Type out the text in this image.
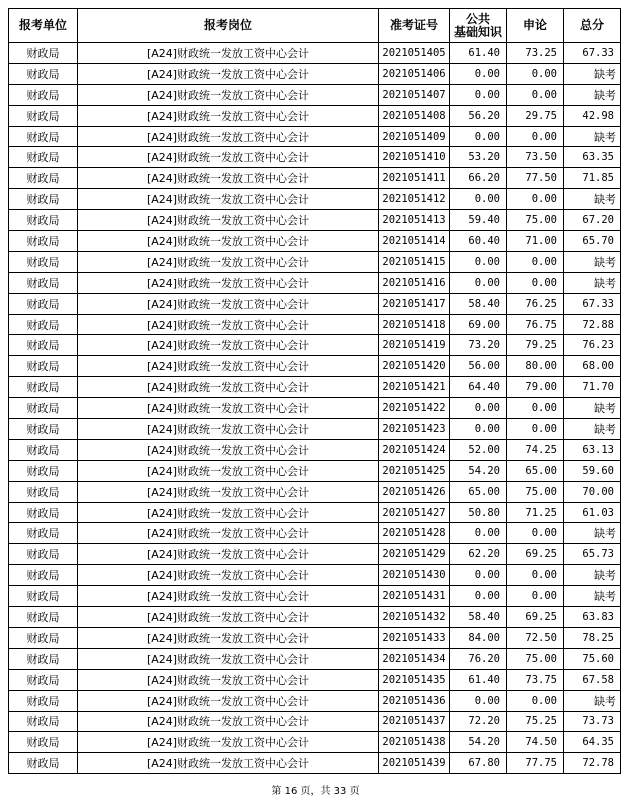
报考单位	报考岗位	准考证号	公共
基础知识	申论	总分
财政局	[A24]财政统一发放工资中心会计	2021051405	61.40	73.25	67.33
财政局	[A24]财政统一发放工资中心会计	2021051406	0.00	0.00	缺考
财政局	[A24]财政统一发放工资中心会计	2021051407	0.00	0.00	缺考
财政局	[A24]财政统一发放工资中心会计	2021051408	56.20	29.75	42.98
财政局	[A24]财政统一发放工资中心会计	2021051409	0.00	0.00	缺考
财政局	[A24]财政统一发放工资中心会计	2021051410	53.20	73.50	63.35
财政局	[A24]财政统一发放工资中心会计	2021051411	66.20	77.50	71.85
财政局	[A24]财政统一发放工资中心会计	2021051412	0.00	0.00	缺考
财政局	[A24]财政统一发放工资中心会计	2021051413	59.40	75.00	67.20
财政局	[A24]财政统一发放工资中心会计	2021051414	60.40	71.00	65.70
财政局	[A24]财政统一发放工资中心会计	2021051415	0.00	0.00	缺考
财政局	[A24]财政统一发放工资中心会计	2021051416	0.00	0.00	缺考
财政局	[A24]财政统一发放工资中心会计	2021051417	58.40	76.25	67.33
财政局	[A24]财政统一发放工资中心会计	2021051418	69.00	76.75	72.88
财政局	[A24]财政统一发放工资中心会计	2021051419	73.20	79.25	76.23
财政局	[A24]财政统一发放工资中心会计	2021051420	56.00	80.00	68.00
财政局	[A24]财政统一发放工资中心会计	2021051421	64.40	79.00	71.70
财政局	[A24]财政统一发放工资中心会计	2021051422	0.00	0.00	缺考
财政局	[A24]财政统一发放工资中心会计	2021051423	0.00	0.00	缺考
财政局	[A24]财政统一发放工资中心会计	2021051424	52.00	74.25	63.13
财政局	[A24]财政统一发放工资中心会计	2021051425	54.20	65.00	59.60
财政局	[A24]财政统一发放工资中心会计	2021051426	65.00	75.00	70.00
财政局	[A24]财政统一发放工资中心会计	2021051427	50.80	71.25	61.03
财政局	[A24]财政统一发放工资中心会计	2021051428	0.00	0.00	缺考
财政局	[A24]财政统一发放工资中心会计	2021051429	62.20	69.25	65.73
财政局	[A24]财政统一发放工资中心会计	2021051430	0.00	0.00	缺考
财政局	[A24]财政统一发放工资中心会计	2021051431	0.00	0.00	缺考
财政局	[A24]财政统一发放工资中心会计	2021051432	58.40	69.25	63.83
财政局	[A24]财政统一发放工资中心会计	2021051433	84.00	72.50	78.25
财政局	[A24]财政统一发放工资中心会计	2021051434	76.20	75.00	75.60
财政局	[A24]财政统一发放工资中心会计	2021051435	61.40	73.75	67.58
财政局	[A24]财政统一发放工资中心会计	2021051436	0.00	0.00	缺考
财政局	[A24]财政统一发放工资中心会计	2021051437	72.20	75.25	73.73
财政局	[A24]财政统一发放工资中心会计	2021051438	54.20	74.50	64.35
财政局	[A24]财政统一发放工资中心会计	2021051439	67.80	77.75	72.78
第 16 页，共 33 页
